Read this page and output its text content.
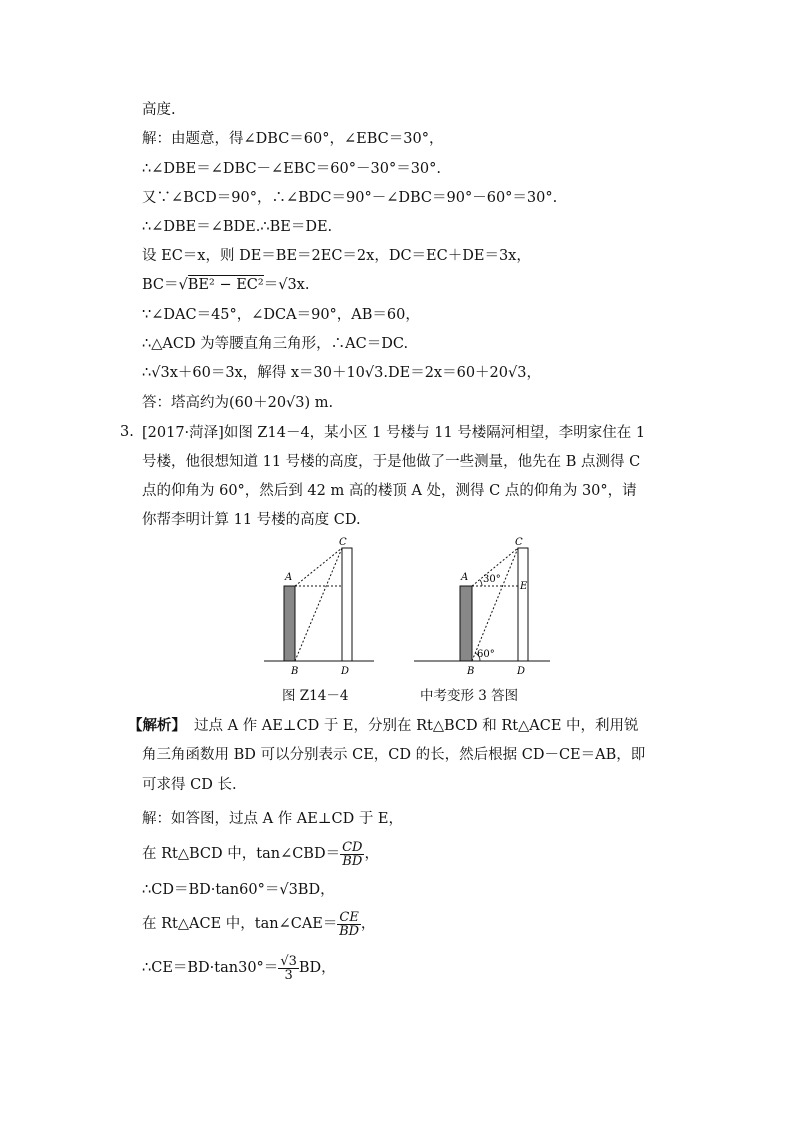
高度.
解：由题意，得∠DBC＝60°，∠EBC＝30°，
∴∠DBE＝∠DBC－∠EBC＝60°－30°＝30°.
又∵∠BCD＝90°，∴∠BDC＝90°－∠DBC＝90°－60°＝30°.
∴∠DBE＝∠BDE.∴BE＝DE.
设 EC＝x，则 DE＝BE＝2EC＝2x，DC＝EC＋DE＝3x，
BC＝√BE² − EC²＝√3x.
∵∠DAC＝45°，∠DCA＝90°，AB＝60，
∴△ACD 为等腰直角三角形，∴AC＝DC.
∴√3x＋60＝3x，解得 x＝30＋10√3.DE＝2x＝60＋20√3，
答：塔高约为(60＋20√3) m.
3. [2017·菏泽]如图 Z14－4，某小区 1 号楼与 11 号楼隔河相望，李明家住在 1
号楼，他很想知道 11 号楼的高度，于是他做了一些测量，他先在 B 点测得 C
点的仰角为 60°，然后到 42 m 高的楼顶 A 处，测得 C 点的仰角为 30°，请
你帮李明计算 11 号楼的高度 CD.
A
C
B	D
A
C
E
B	D
30°
60°
图 Z14－4	中考变形 3 答图
【解析】 过点 A 作 AE⊥CD 于 E，分别在 Rt△BCD 和 Rt△ACE 中，利用锐
角三角函数用 BD 可以分别表示 CE，CD 的长，然后根据 CD－CE＝AB，即
可求得 CD 长.
解：如答图，过点 A 作 AE⊥CD 于 E，
在 Rt△BCD 中，tan∠CBD＝ $\frac{CD}{BD}$ ，
∴CD＝BD·tan60°＝√3BD，
在 Rt△ACE 中，tan∠CAE＝ $\frac{CE}{BD}$ ，
∴CE＝BD·tan30°＝ $\frac{√3}{3}$ BD，
